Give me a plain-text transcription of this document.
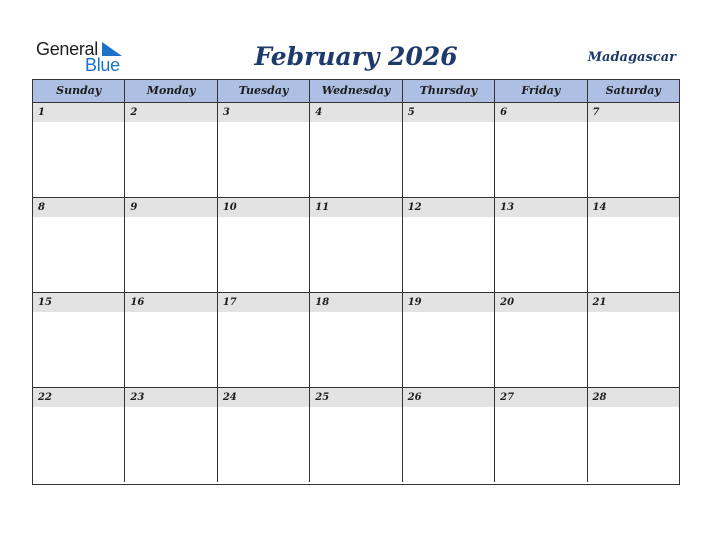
General
Blue	February 2026	Madagascar
Sunday	Monday	Tuesday	Wednesday	Thursday	Friday	Saturday
1	2	3	4	5	6	7
8	9	10	11	12	13	14
15	16	17	18	19	20	21
22	23	24	25	26	27	28
